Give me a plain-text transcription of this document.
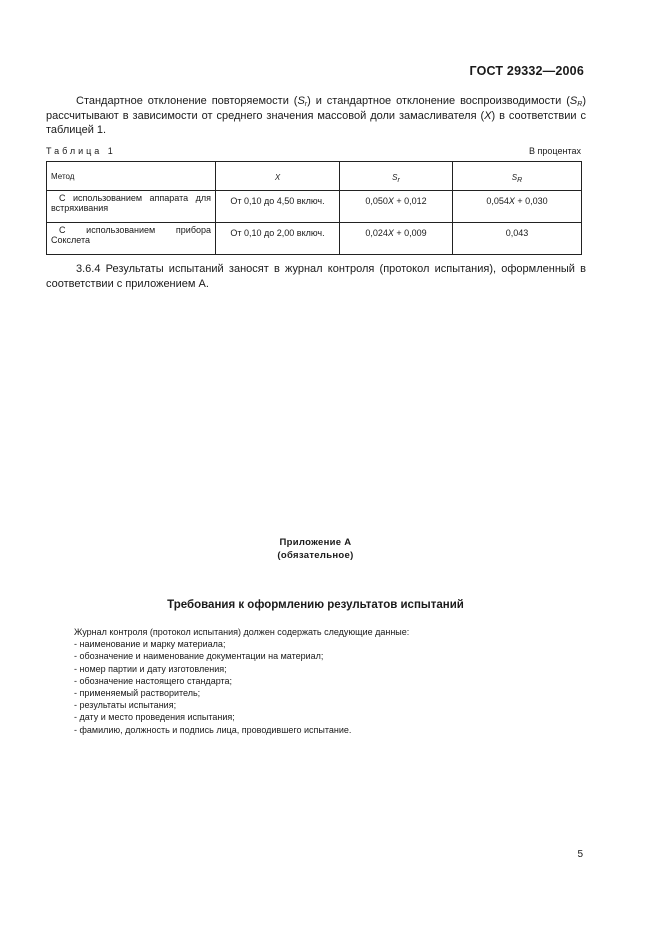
ГОСТ 29332—2006

Стандартное отклонение повторяемости $(S_r)$ и стандартное отклонение воспроизводимости $(S_R)$ рассчитывают в зависимости от среднего значения массовой доли замасливателя (X) в соответствии с таблицей 1.

Таблица 1	В процентах
Метод	X	$S_r$	$S_R$
С использованием аппарата для встряхивания	От 0,10 до 4,50 включ.	0,050X + 0,012	0,054X + 0,030
С использованием прибора Сокслета	От 0,10 до 2,00 включ.	0,024X + 0,009	0,043

3.6.4 Результаты испытаний заносят в журнал контроля (протокол испытания), оформленный в соответствии с приложением А.

Приложение А
(обязательное)
Требования к оформлению результатов испытаний
Журнал контроля (протокол испытания) должен содержать следующие данные:
- наименование и марку материала;
- обозначение и наименование документации на материал;
- номер партии и дату изготовления;
- обозначение настоящего стандарта;
- применяемый растворитель;
- результаты испытания;
- дату и место проведения испытания;
- фамилию, должность и подпись лица, проводившего испытание.
5
